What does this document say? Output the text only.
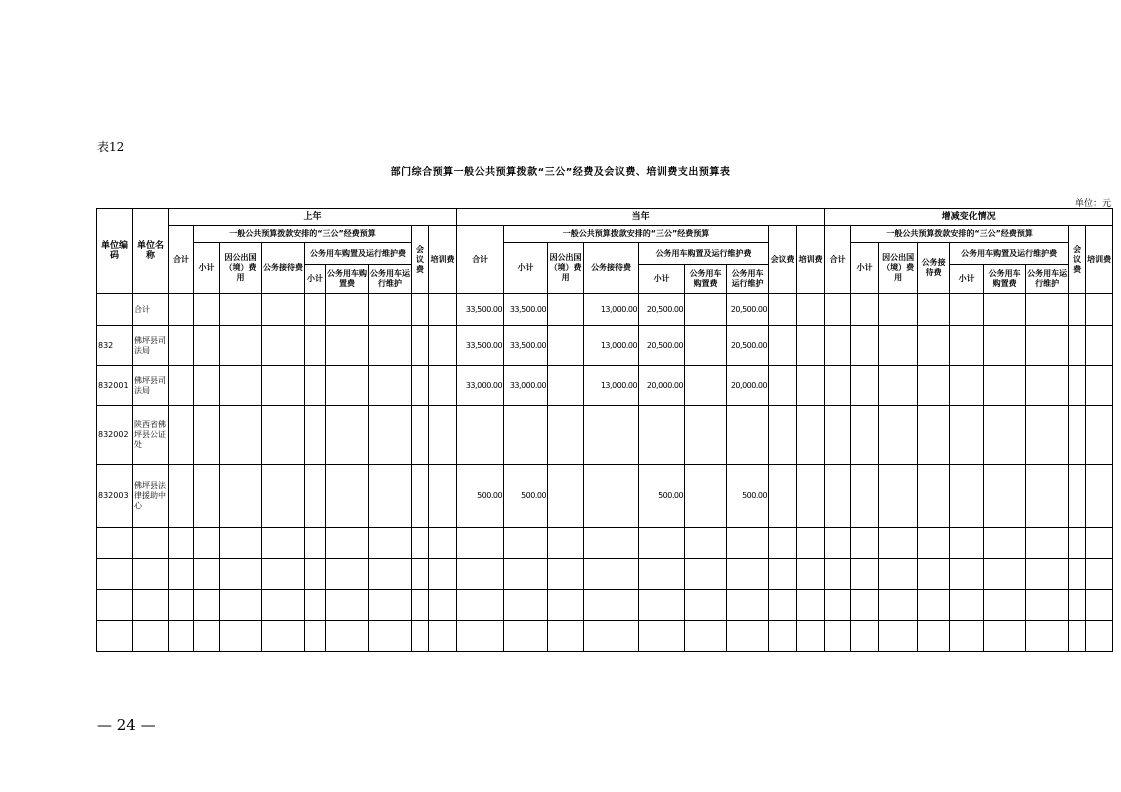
表12
部门综合预算一般公共预算拨款“三公”经费及会议费、培训费支出预算表
单位：元
单位编码	单位名称	上年									当年									增减变化情况								
		合计	一般公共预算拨款安排的“三公”经费预算						会议费	培训费	合计	一般公共预算拨款安排的“三公”经费预算						会议费	培训费	合计	一般公共预算拨款安排的“三公”经费预算						会议费	培训费
			小计	因公出国（境）费用	公务接待费	公务用车购置及运行维护费						小计	因公出国（境）费用	公务接待费	公务用车购置及运行维护费						小计	因公出国（境）费用	公务接待费	公务用车购置及运行维护费				
						小计	公务用车购置费	公务用车运行维护							小计	公务用车购置费	公务用车运行维护							小计	公务用车购置费	公务用车运行维护		
	合计										33,500.00	33,500.00		13,000.00	20,500.00		20,500.00											
832	佛坪县司法局										33,500.00	33,500.00		13,000.00	20,500.00		20,500.00											
832001	佛坪县司法局										33,000.00	33,000.00		13,000.00	20,000.00		20,000.00											
832002	陕西省佛坪县公证处																											
832003	佛坪县法律援助中心										500.00	500.00			500.00		500.00											

— 24 —
